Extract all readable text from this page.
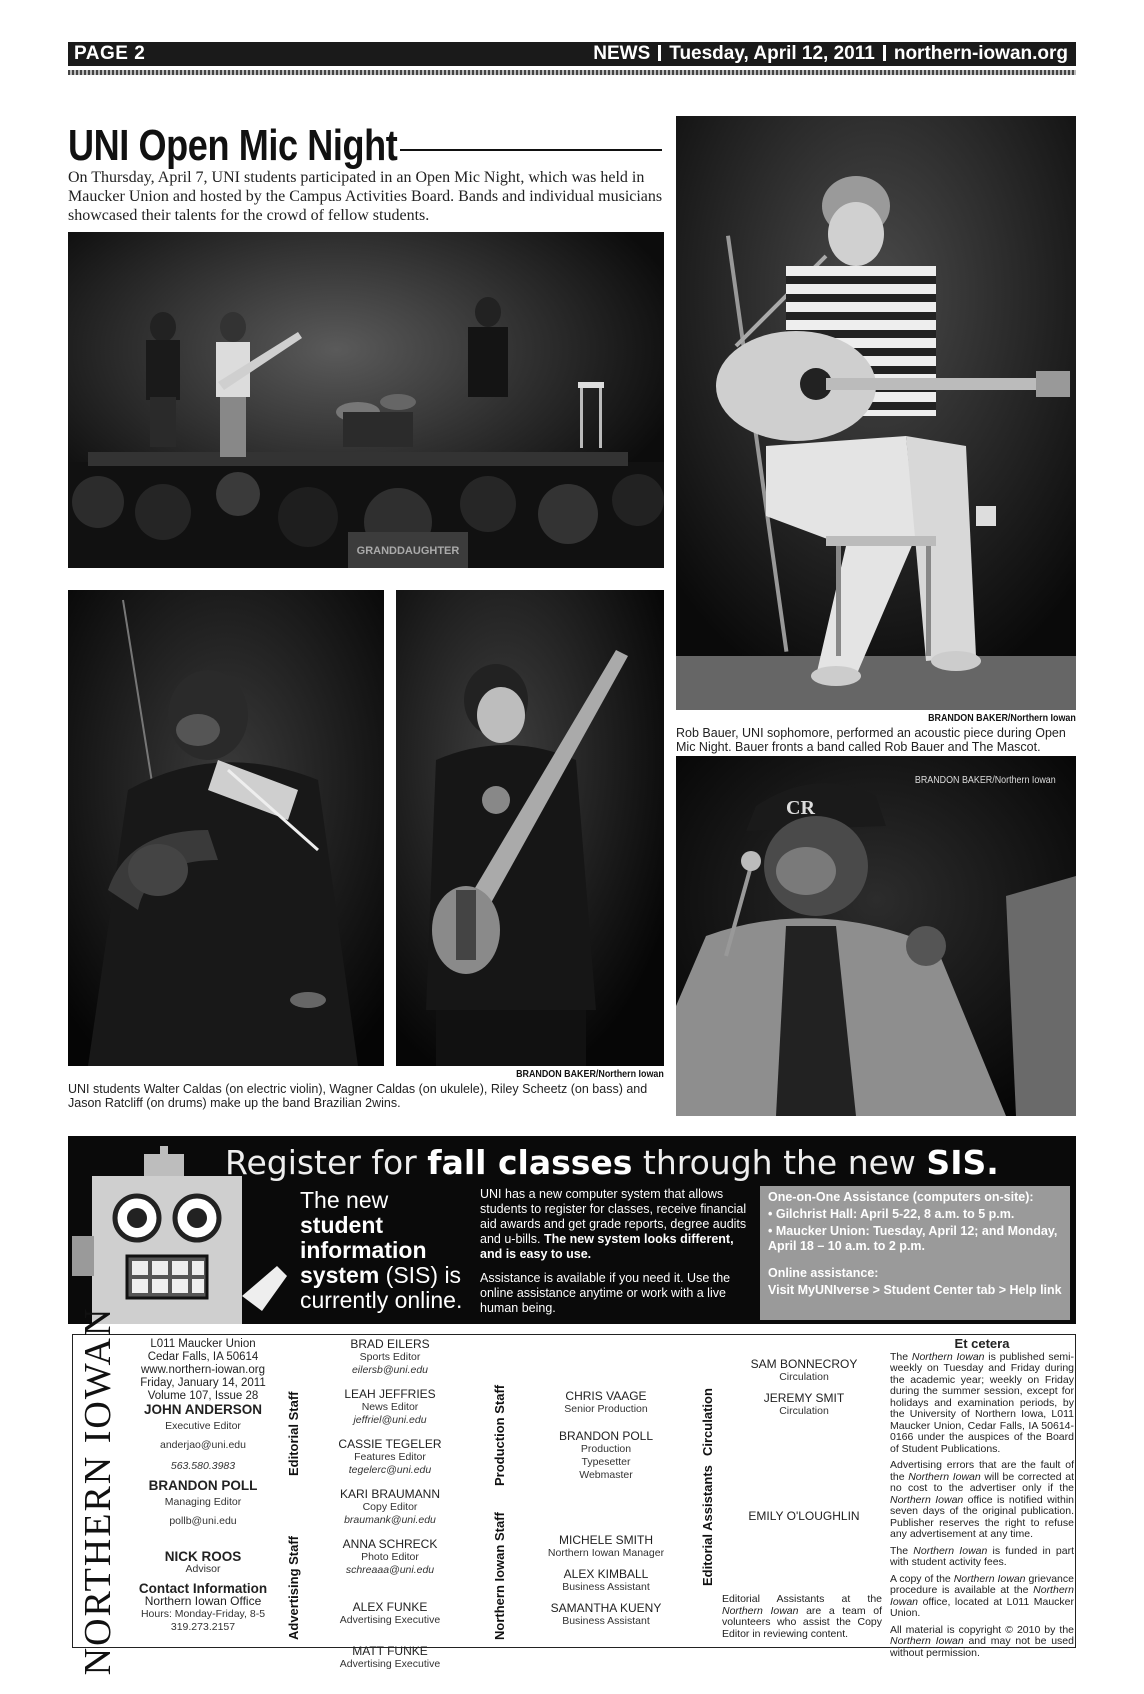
PAGE 2	NEWS Tuesday, April 12, 2011 northern-iowan.org
UNI Open Mic Night
On Thursday, April 7, UNI students participated in an Open Mic Night, which was held in Maucker Union and hosted by the Campus Activities Board. Bands and individual musicians showcased their talents for the crowd of fellow students.
GRANDDAUGHTER
BRANDON BAKER/Northern Iowan
Rob Bauer, UNI sophomore, performed an acoustic piece during Open Mic Night. Bauer fronts a band called Rob Bauer and The Mascot.
BRANDON BAKER/Northern Iowan
UNI students Walter Caldas (on electric violin), Wagner Caldas (on ukulele), Riley Scheetz (on bass) and Jason Ratcliff (on drums) make up the band Brazilian 2wins.
CR
BRANDON BAKER/Northern Iowan
Register for fall classes through the new SIS.
The new student information system (SIS) is currently online.
UNI has a new computer system that allows students to register for classes, receive financial aid awards and get grade reports, degree audits and u-bills. The new system looks different, and is easy to use.
Assistance is available if you need it. Use the online assistance anytime or work with a live human being.

One-on-One Assistance (computers on-site):

• Gilchrist Hall: April 5-22, 8 a.m. to 5 p.m.

• Maucker Union: Tuesday, April 12; and Monday, April 18 – 10 a.m. to 2 p.m.

Online assistance:

Visit MyUNIverse > Student Center tab > Help link

NORTHERN IOWAN	L011 Maucker Union
Cedar Falls, IA 50614
www.northern-iowan.org
Friday, January 14, 2011
Volume 107, Issue 28
JOHN ANDERSON
Executive Editor
anderjao@uni.edu
563.580.3983
BRANDON POLL
Managing Editor
pollb@uni.edu
NICK ROOS
Advisor
Contact Information
Northern Iowan Office
Hours: Monday-Friday, 8-5
319.273.2157
Editorial Staff
Advertising Staff
Production Staff
Northern Iowan Staff
Circulation
Editorial Assistants
BRAD EILERS
Sports Editor
eilersb@uni.edu
LEAH JEFFRIES
News Editor
jeffriel@uni.edu
CASSIE TEGELER
Features Editor
tegelerc@uni.edu
KARI BRAUMANN
Copy Editor
braumank@uni.edu
ANNA SCHRECK
Photo Editor
schreaaa@uni.edu
ALEX FUNKE
Advertising Executive
MATT FUNKE
Advertising Executive
CHRIS VAAGE
Senior Production
BRANDON POLL
Production
Typesetter
Webmaster
MICHELE SMITH
Northern Iowan Manager
ALEX KIMBALL
Business Assistant
SAMANTHA KUENY
Business Assistant
SAM BONNECROY
Circulation
JEREMY SMIT
Circulation
EMILY O'LOUGHLIN
Editorial Assistants at the Northern Iowan are a team of volunteers who assist the Copy Editor in reviewing content.
Et cetera

The Northern Iowan is published semi-weekly on Tuesday and Friday during the academic year; weekly on Friday during the summer session, except for holidays and examination periods, by the University of Northern Iowa, L011 Maucker Union, Cedar Falls, IA 50614-0166 under the auspices of the Board of Student Publications.

Advertising errors that are the fault of the Northern Iowan will be corrected at no cost to the advertiser only if the Northern Iowan office is notified within seven days of the original publication. Publisher reserves the right to refuse any advertisement at any time.

The Northern Iowan is funded in part with student activity fees.

A copy of the Northern Iowan grievance procedure is available at the Northern Iowan office, located at L011 Maucker Union.

All material is copyright © 2010 by the Northern Iowan and may not be used without permission.
